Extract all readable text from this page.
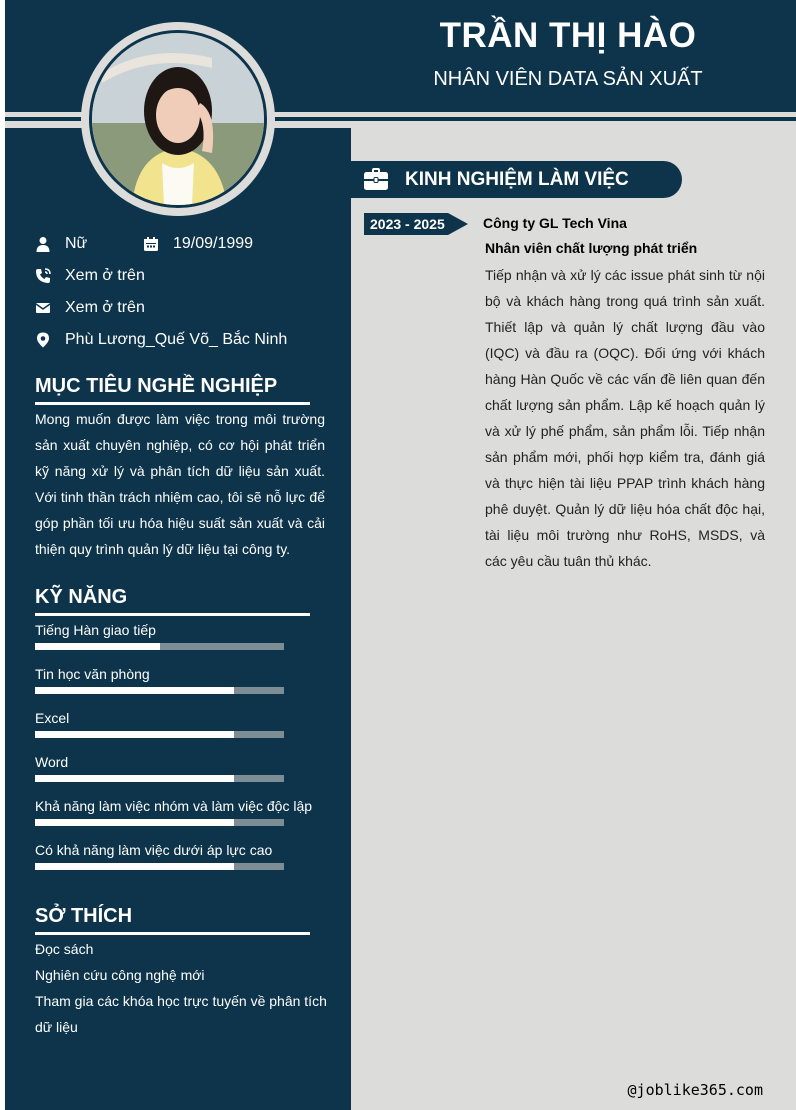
TRẦN THỊ HÀO
NHÂN VIÊN DATA SẢN XUẤT
Nữ	19/09/1999
Xem ở trên
Xem ở trên
Phù Lương_Quế Võ_ Bắc Ninh
MỤC TIÊU NGHỀ NGHIỆP
Mong muốn được làm việc trong môi trường sản xuất chuyên nghiệp, có cơ hội phát triển kỹ năng xử lý và phân tích dữ liệu sản xuất. Với tinh thần trách nhiệm cao, tôi sẽ nỗ lực để góp phần tối ưu hóa hiệu suất sản xuất và cải thiện quy trình quản lý dữ liệu tại công ty.
KỸ NĂNG
Tiếng Hàn giao tiếp
Tin học văn phòng
Excel
Word
Khả năng làm việc nhóm và làm việc độc lập
Có khả năng làm việc dưới áp lực cao
SỞ THÍCH
Đọc sách
Nghiên cứu công nghệ mới
Tham gia các khóa học trực tuyến về phân tích dữ liệu
KINH NGHIỆM LÀM VIỆC
2023 - 2025	Công ty GL Tech Vina
Nhân viên chất lượng phát triển
Tiếp nhận và xử lý các issue phát sinh từ nội bộ và khách hàng trong quá trình sản xuất. Thiết lập và quản lý chất lượng đầu vào (IQC) và đầu ra (OQC). Đối ứng với khách hàng Hàn Quốc về các vấn đề liên quan đến chất lượng sản phẩm. Lập kế hoạch quản lý và xử lý phế phẩm, sản phẩm lỗi. Tiếp nhận sản phẩm mới, phối hợp kiểm tra, đánh giá và thực hiện tài liệu PPAP trình khách hàng phê duyệt. Quản lý dữ liệu hóa chất độc hại, tài liệu môi trường như RoHS, MSDS, và các yêu cầu tuân thủ khác.
@joblike365.com
